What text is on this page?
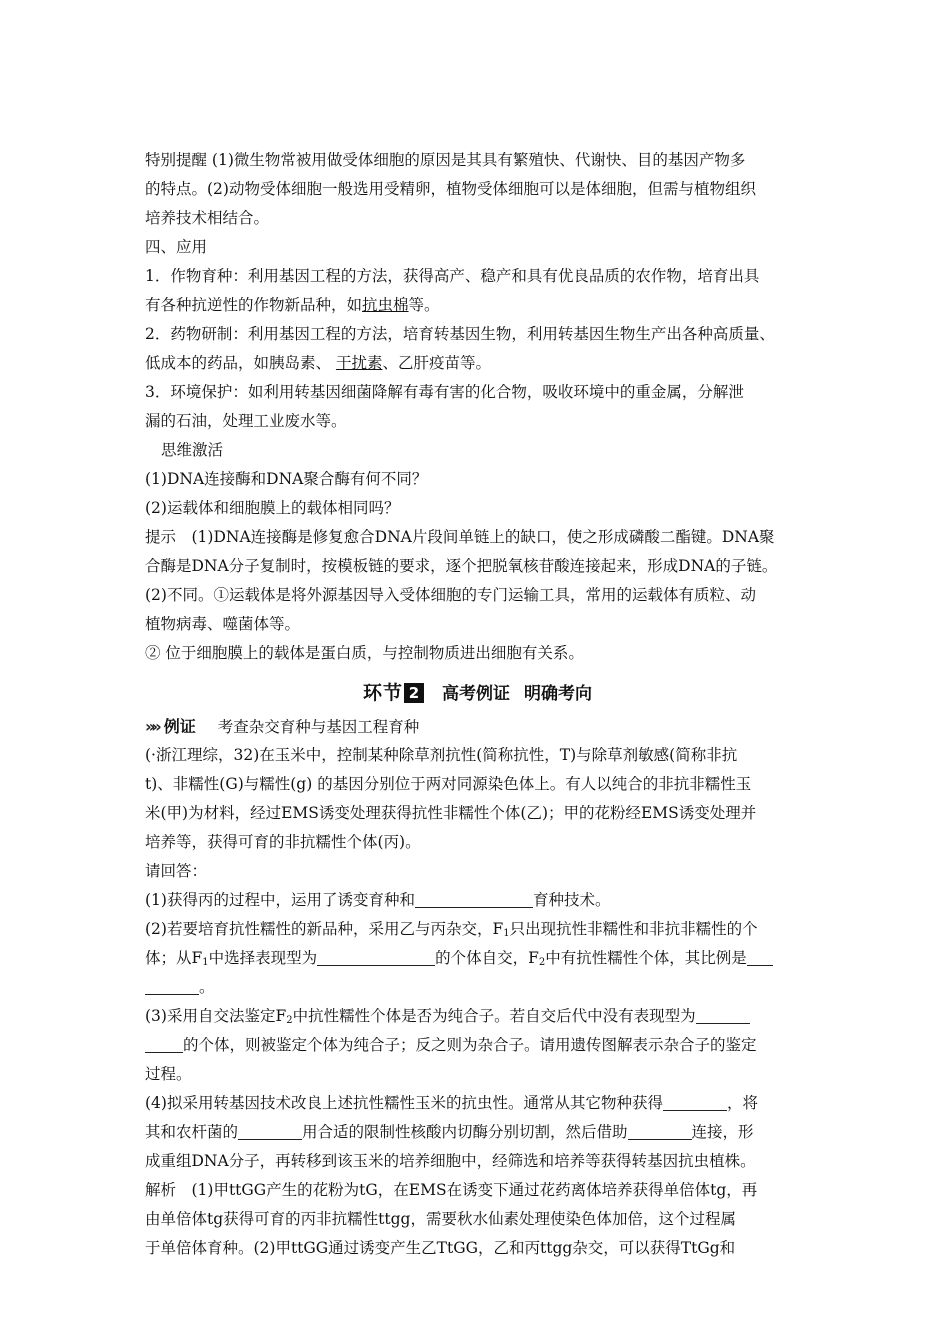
特别提醒 (1)微生物常被用做受体细胞的原因是其具有繁殖快、代谢快、目的基因产物多

的特点。(2)动物受体细胞一般选用受精卵，植物受体细胞可以是体细胞，但需与植物组织

培养技术相结合。

四、应用

1．作物育种：利用基因工程的方法，获得高产、稳产和具有优良品质的农作物，培育出具

有各种抗逆性的作物新品种，如抗虫棉等。

2．药物研制：利用基因工程的方法，培育转基因生物，利用转基因生物生产出各种高质量、

低成本的药品，如胰岛素、 干扰素、乙肝疫苗等。

3．环境保护：如利用转基因细菌降解有毒有害的化合物，吸收环境中的重金属，分解泄

漏的石油，处理工业废水等。

思维激活

(1)DNA连接酶和DNA聚合酶有何不同？

(2)运载体和细胞膜上的载体相同吗？

提示　(1)DNA连接酶是修复愈合DNA片段间单链上的缺口，使之形成磷酸二酯键。DNA聚

合酶是DNA分子复制时，按模板链的要求，逐个把脱氧核苷酸连接起来，形成DNA的子链。

(2)不同。①运载体是将外源基因导入受体细胞的专门运输工具，常用的运载体有质粒、动

植物病毒、噬菌体等。

② 位于细胞膜上的载体是蛋白质，与控制物质进出细胞有关系。

环节 2 高考例证 明确考向

»» 例证 考查杂交育种与基因工程育种

(·浙江理综，32)在玉米中，控制某种除草剂抗性(简称抗性，T)与除草剂敏感(简称非抗

t)、非糯性(G)与糯性(g) 的基因分别位于两对同源染色体上。有人以纯合的非抗非糯性玉

米(甲)为材料，经过EMS诱变处理获得抗性非糯性个体(乙)；甲的花粉经EMS诱变处理并

培养等，获得可育的非抗糯性个体(丙)。

请回答：

(1)获得丙的过程中，运用了诱变育种和	育种技术。

(2)若要培育抗性糯性的新品种，采用乙与丙杂交，$F_1$只出现抗性非糯性和非抗非糯性的个

体；从$F_1$中选择表现型为	的个体自交，$F_2$中有抗性糯性个体，其比例是

。

(3)采用自交法鉴定$F_2$中抗性糯性个体是否为纯合子。若自交后代中没有表现型为

的个体，则被鉴定个体为纯合子；反之则为杂合子。请用遗传图解表示杂合子的鉴定

过程。

(4)拟采用转基因技术改良上述抗性糯性玉米的抗虫性。通常从其它物种获得	，将

其和农杆菌的	用合适的限制性核酸内切酶分别切割，然后借助	连接，形

成重组DNA分子，再转移到该玉米的培养细胞中，经筛选和培养等获得转基因抗虫植株。

解析　(1)甲ttGG产生的花粉为tG，在EMS在诱变下通过花药离体培养获得单倍体tg，再

由单倍体tg获得可育的丙非抗糯性ttgg，需要秋水仙素处理使染色体加倍，这个过程属

于单倍体育种。(2)甲ttGG通过诱变产生乙TtGG，乙和丙ttgg杂交，可以获得TtGg和
